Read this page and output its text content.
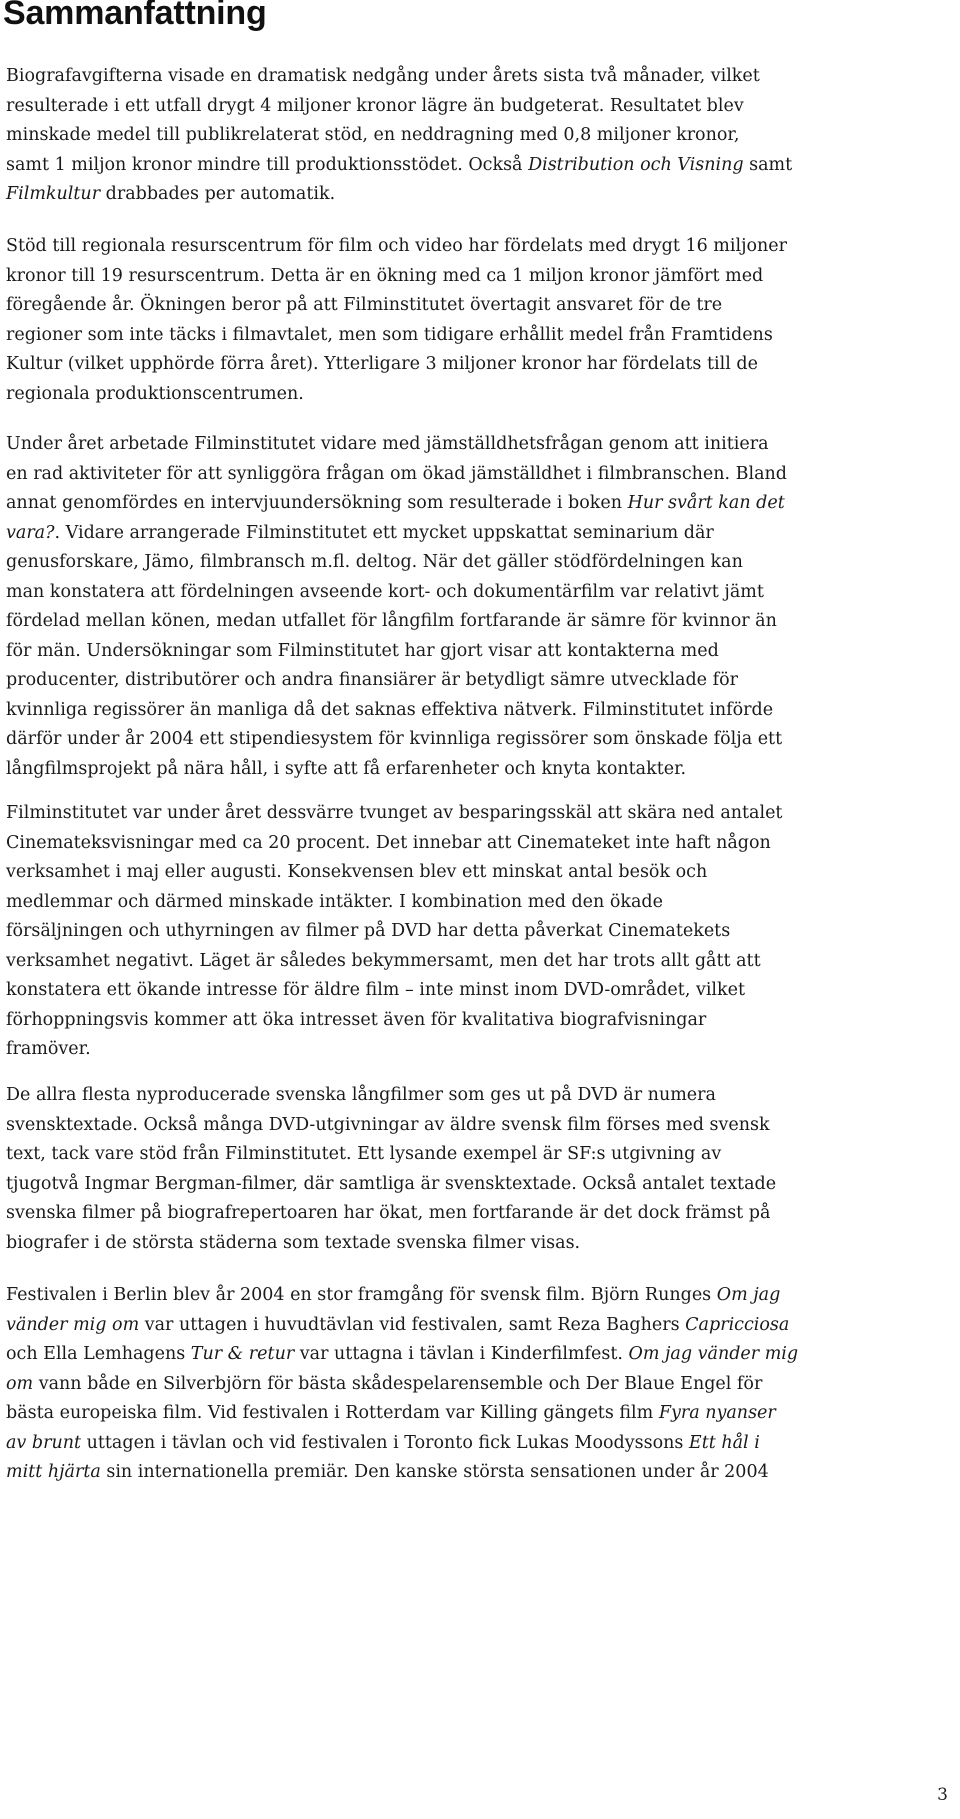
Sammanfattning

Biografavgifterna visade en dramatisk nedgång under årets sista två månader, vilket
resulterade i ett utfall drygt 4 miljoner kronor lägre än budgeterat. Resultatet blev
minskade medel till publikrelaterat stöd, en neddragning med 0,8 miljoner kronor,
samt 1 miljon kronor mindre till produktionsstödet. Också Distribution och Visning samt
Filmkultur drabbades per automatik.

Stöd till regionala resurscentrum för film och video har fördelats med drygt 16 miljoner
kronor till 19 resurscentrum. Detta är en ökning med ca 1 miljon kronor jämfört med
föregående år. Ökningen beror på att Filminstitutet övertagit ansvaret för de tre
regioner som inte täcks i filmavtalet, men som tidigare erhållit medel från Framtidens
Kultur (vilket upphörde förra året). Ytterligare 3 miljoner kronor har fördelats till de
regionala produktionscentrumen.

Under året arbetade Filminstitutet vidare med jämställdhetsfrågan genom att initiera
en rad aktiviteter för att synliggöra frågan om ökad jämställdhet i filmbranschen. Bland
annat genomfördes en intervjuundersökning som resulterade i boken Hur svårt kan det
vara?. Vidare arrangerade Filminstitutet ett mycket uppskattat seminarium där
genusforskare, Jämo, filmbransch m.fl. deltog. När det gäller stödfördelningen kan
man konstatera att fördelningen avseende kort- och dokumentärfilm var relativt jämt
fördelad mellan könen, medan utfallet för långfilm fortfarande är sämre för kvinnor än
för män. Undersökningar som Filminstitutet har gjort visar att kontakterna med
producenter, distributörer och andra finansiärer är betydligt sämre utvecklade för
kvinnliga regissörer än manliga då det saknas effektiva nätverk. Filminstitutet införde
därför under år 2004 ett stipendiesystem för kvinnliga regissörer som önskade följa ett
långfilmsprojekt på nära håll, i syfte att få erfarenheter och knyta kontakter.

Filminstitutet var under året dessvärre tvunget av besparingsskäl att skära ned antalet
Cinemateksvisningar med ca 20 procent. Det innebar att Cinemateket inte haft någon
verksamhet i maj eller augusti. Konsekvensen blev ett minskat antal besök och
medlemmar och därmed minskade intäkter. I kombination med den ökade
försäljningen och uthyrningen av filmer på DVD har detta påverkat Cinematekets
verksamhet negativt. Läget är således bekymmersamt, men det har trots allt gått att
konstatera ett ökande intresse för äldre film – inte minst inom DVD-området, vilket
förhoppningsvis kommer att öka intresset även för kvalitativa biografvisningar
framöver.

De allra flesta nyproducerade svenska långfilmer som ges ut på DVD är numera
svensktextade. Också många DVD-utgivningar av äldre svensk film förses med svensk
text, tack vare stöd från Filminstitutet. Ett lysande exempel är SF:s utgivning av
tjugotvå Ingmar Bergman-filmer, där samtliga är svensktextade. Också antalet textade
svenska filmer på biografrepertoaren har ökat, men fortfarande är det dock främst på
biografer i de största städerna som textade svenska filmer visas.

Festivalen i Berlin blev år 2004 en stor framgång för svensk film. Björn Runges Om jag
vänder mig om var uttagen i huvudtävlan vid festivalen, samt Reza Baghers Capricciosa
och Ella Lemhagens Tur & retur var uttagna i tävlan i Kinderfilmfest. Om jag vänder mig
om vann både en Silverbjörn för bästa skådespelarensemble och Der Blaue Engel för
bästa europeiska film. Vid festivalen i Rotterdam var Killing gängets film Fyra nyanser
av brunt uttagen i tävlan och vid festivalen i Toronto fick Lukas Moodyssons Ett hål i
mitt hjärta sin internationella premiär. Den kanske största sensationen under år 2004

3
